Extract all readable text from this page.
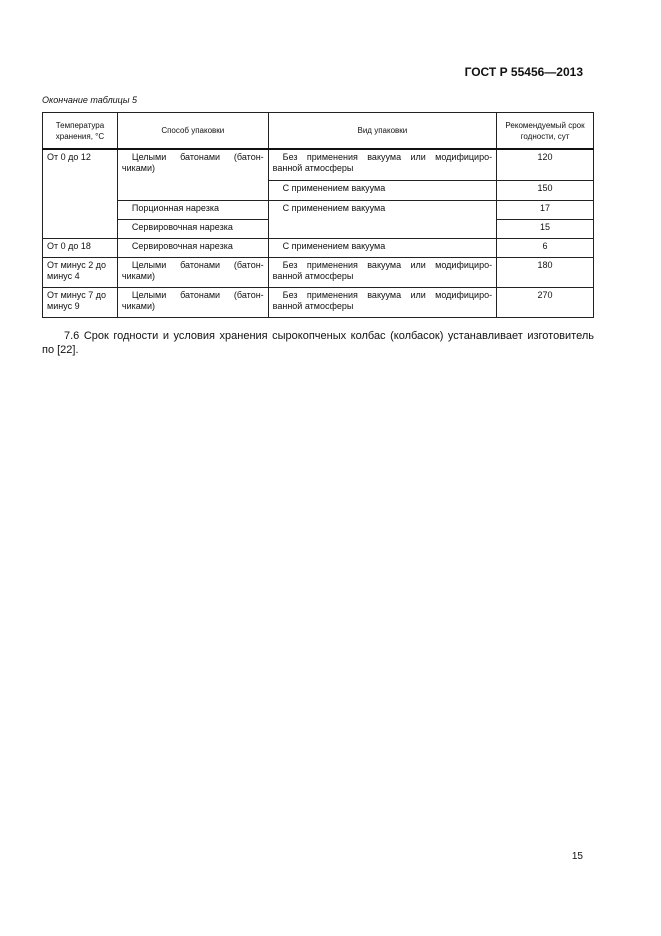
ГОСТ Р 55456—2013
Окончание таблицы 5
Температура хранения, °С	Способ упаковки	Вид упаковки	Рекомендуемый срок годности, сут
От 0 до 12	Целыми батонами (батон-чиками)	Без применения вакуума или модифициро-ванной атмосферы	120
		С применением вакуума	150
	Порционная нарезка	С применением вакуума	17
	Сервировочная нарезка		15
От 0 до 18	Сервировочная нарезка	С применением вакуума	6
От минус 2 до минус 4	Целыми батонами (батон-чиками)	Без применения вакуума или модифициро-ванной атмосферы	180
От минус 7 до минус 9	Целыми батонами (батон-чиками)	Без применения вакуума или модифициро-ванной атмосферы	270
7.6 Срок годности и условия хранения сырокопченых колбас (колбасок) устанавливает изготовитель по [22].
15
